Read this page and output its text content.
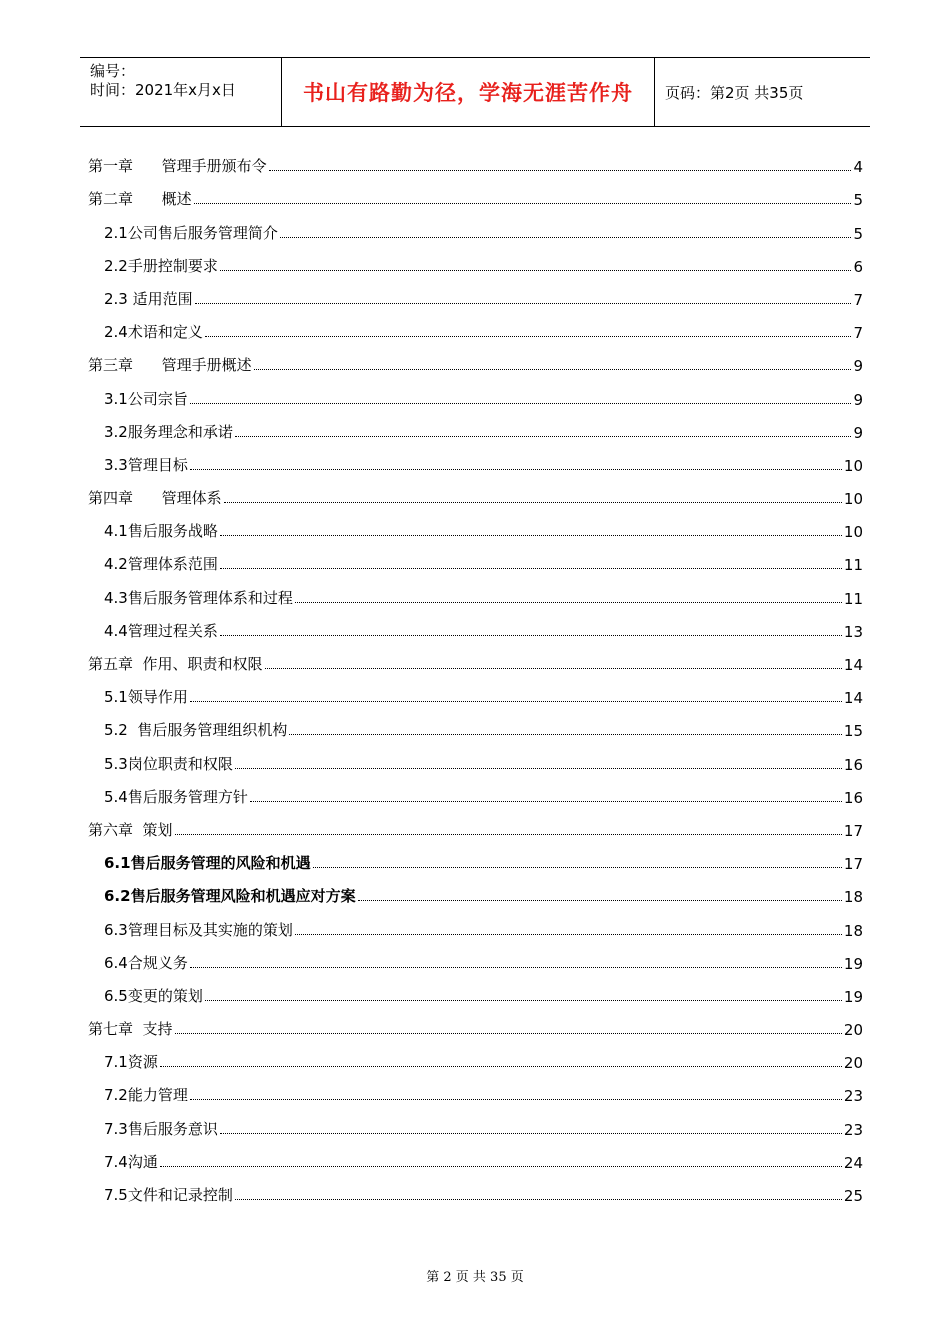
编号：
时间：2021年x月x日	书山有路勤为径，学海无涯苦作舟	页码：第2页 共35页
第一章      管理手册颁布令	4
第二章      概述	5
2.1公司售后服务管理简介	5
2.2手册控制要求	6
2.3 适用范围	7
2.4术语和定义	7
第三章      管理手册概述	9
3.1公司宗旨	9
3.2服务理念和承诺	9
3.3管理目标	10
第四章      管理体系	10
4.1售后服务战略	10
4.2管理体系范围	11
4.3售后服务管理体系和过程	11
4.4管理过程关系	13
第五章  作用、职责和权限	14
5.1领导作用	14
5.2  售后服务管理组织机构	15
5.3岗位职责和权限	16
5.4售后服务管理方针	16
第六章  策划	17
6.1售后服务管理的风险和机遇	17
6.2售后服务管理风险和机遇应对方案	18
6.3管理目标及其实施的策划	18
6.4合规义务	19
6.5变更的策划	19
第七章  支持	20
7.1资源	20
7.2能力管理	23
7.3售后服务意识	23
7.4沟通	24
7.5文件和记录控制	25
第 2 页 共 35 页
